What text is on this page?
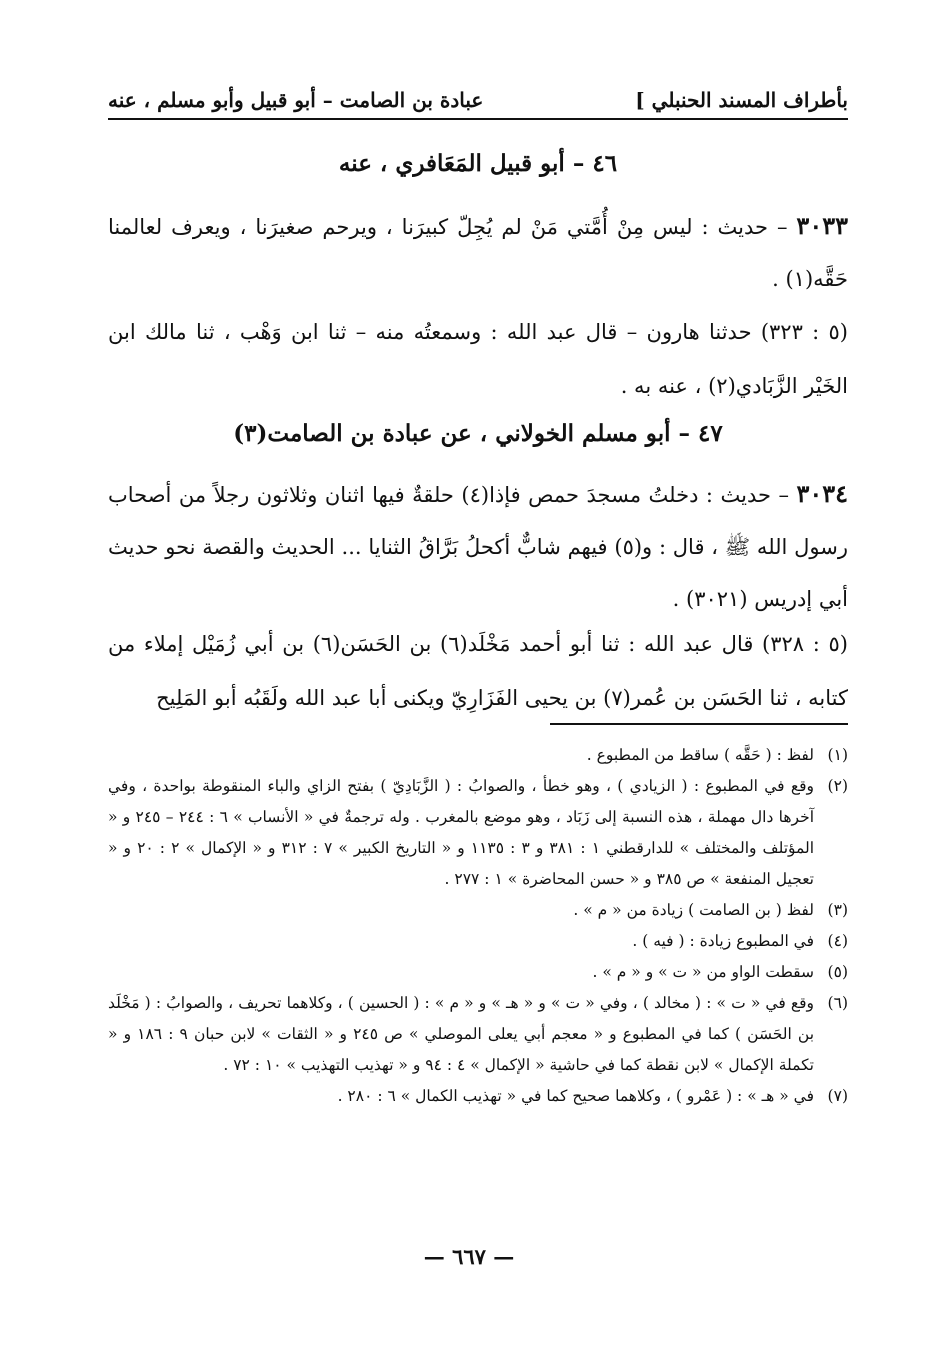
بأطراف المسند الحنبلي ]
عبادة بن الصامت – أبو قبيل وأبو مسلم ، عنه
٤٦ – أبو قبيل المَعَافري ، عنه
٣٠٣٣ – حديث : ليس مِنْ أُمَّتي مَنْ لم يُجِلّ كبيرَنا ، ويرحم صغيرَنا ، ويعرف لعالمنا حَقَّه(١) .
(٥ : ٣٢٣) حدثنا هارون – قال عبد الله : وسمعتُه منه – ثنا ابن وَهْب ، ثنا مالك ابن الخَيْر الزَّبَادي(٢) ، عنه به .
٤٧ – أبو مسلم الخولاني ، عن عبادة بن الصامت(٣)
٣٠٣٤ – حديث : دخلتُ مسجدَ حمص فإذا(٤) حلقةٌ فيها اثنان وثلاثون رجلاً من أصحاب رسول الله ﷺ ، قال : و(٥) فيهم شابٌّ أكحلُ بَرَّاقُ الثنايا ... الحديث والقصة نحو حديث أبي إدريس (٣٠٢١) .
(٥ : ٣٢٨) قال عبد الله : ثنا أبو أحمد مَخْلَد(٦) بن الحَسَن(٦) بن أبي زُمَيْل إملاء من كتابه ، ثنا الحَسَن بن عُمر(٧) بن يحيى الفَزَارِيّ ويكنى أبا عبد الله ولَقَبُه أبو المَلِيح
(١)
لفظ : ( حَقَّه ) ساقط من المطبوع .
(٢)
وقع في المطبوع : ( الزيادي ) ، وهو خطأ ، والصوابُ : ( الزَّبَادِيّ ) بفتح الزاي والباء المنقوطة بواحدة ، وفي آخرها دال مهملة ، هذه النسبة إلى زَبَاد ، وهو موضع بالمغرب . وله ترجمةٌ في « الأنساب » ٦ : ٢٤٤ – ٢٤٥ و « المؤتلف والمختلف » للدارقطني ١ : ٣٨١ و ٣ : ١١٣٥ و « التاريخ الكبير » ٧ : ٣١٢ و « الإكمال » ٢ : ٢٠ و « تعجيل المنفعة » ص ٣٨٥ و « حسن المحاضرة » ١ : ٢٧٧ .
(٣)
لفظ ( بن الصامت ) زيادة من « م » .
(٤)
في المطبوع زيادة : ( فيه ) .
(٥)
سقطت الواو من « ت » و « م » .
(٦)
وقع في « ت » : ( مخالد ) ، وفي « ت » و « هـ » و « م » : ( الحسين ) ، وكلاهما تحريف ، والصوابُ : ( مَخْلَد بن الحَسَن ) كما في المطبوع و « معجم أبي يعلى الموصلي » ص ٢٤٥ و « الثقات » لابن حبان ٩ : ١٨٦ و « تكملة الإكمال » لابن نقطة كما في حاشية « الإكمال » ٤ : ٩٤ و « تهذيب التهذيب » ١٠ : ٧٢ .
(٧)
في « هـ » : ( عَمْرو ) ، وكلاهما صحيح كما في « تهذيب الكمال » ٦ : ٢٨٠ .
— ٦٦٧ —
